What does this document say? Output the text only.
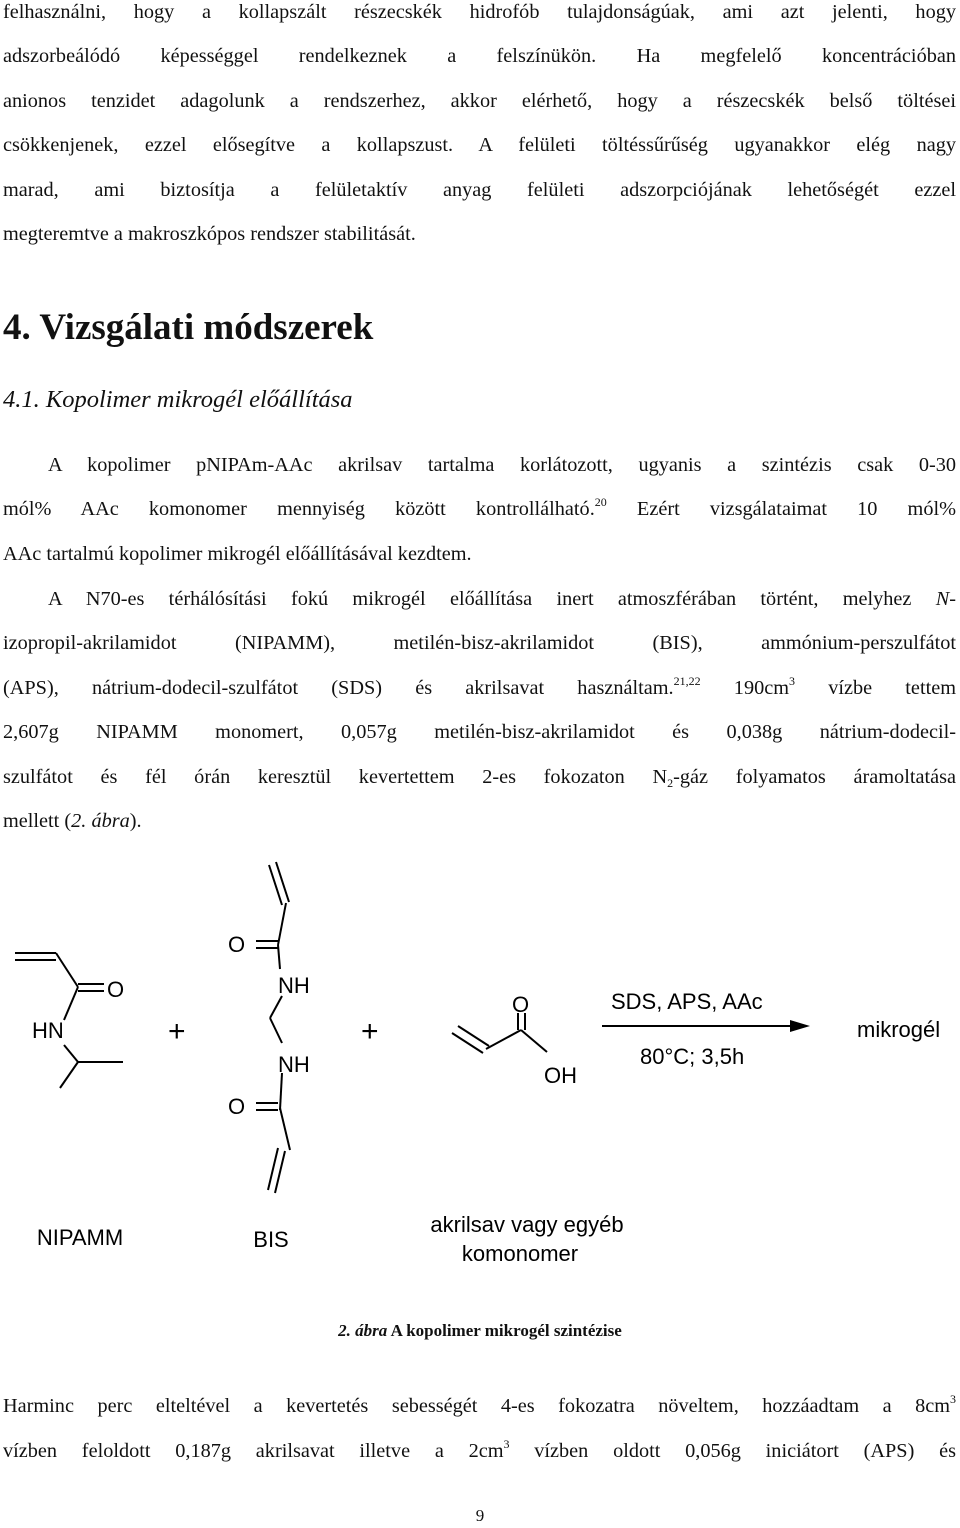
felhasználni, hogy a kollapszált részecskék hidrofób tulajdonságúak, ami azt jelenti, hogy
adszorbeálódó képességgel rendelkeznek a felszínükön. Ha megfelelő koncentrációban
anionos tenzidet adagolunk a rendszerhez, akkor elérhető, hogy a részecskék belső töltései
csökkenjenek, ezzel elősegítve a kollapszust. A felületi töltéssűrűség ugyanakkor elég nagy
marad, ami biztosítja a felületaktív anyag felületi adszorpciójának lehetőségét ezzel
megteremtve a makroszkópos rendszer stabilitását.
4. Vizsgálati módszerek
4.1. Kopolimer mikrogél előállítása
A kopolimer pNIPAm-AAc akrilsav tartalma korlátozott, ugyanis a szintézis csak 0-30
mól% AAc komonomer mennyiség között kontrollálható.$^{20}$ Ezért vizsgálataimat 10 mól%
AAc tartalmú kopolimer mikrogél előállításával kezdtem.
A N70-es térhálósítási fokú mikrogél előállítása inert atmoszférában történt, melyhez N-
izopropil-akrilamidot (NIPAMM), metilén-bisz-akrilamidot (BIS), ammónium-perszulfátot
(APS), nátrium-dodecil-szulfátot (SDS) és akrilsavat használtam.$^{21,22}$ $190cm^3$ vízbe tettem
2,607g NIPAMM monomert, 0,057g metilén-bisz-akrilamidot és 0,038g nátrium-dodecil-
szulfátot és fél órán keresztül kevertettem 2-es fokozaton $N_2$-gáz folyamatos áramoltatása
mellett (2. ábra).
O
HN	+
O
NH
NH
O
+
O
OH
SDS, APS, AAc
80°C; 3,5h
mikrogél
NIPAMM	BIS
akrilsav vagy egyéb
komonomer
2. ábra A kopolimer mikrogél szintézise
Harminc perc elteltével a kevertetés sebességét 4-es fokozatra növeltem, hozzáadtam a $8cm^3$
vízben feloldott 0,187g akrilsavat illetve a $2cm^3$ vízben oldott 0,056g iniciátort (APS) és
9
